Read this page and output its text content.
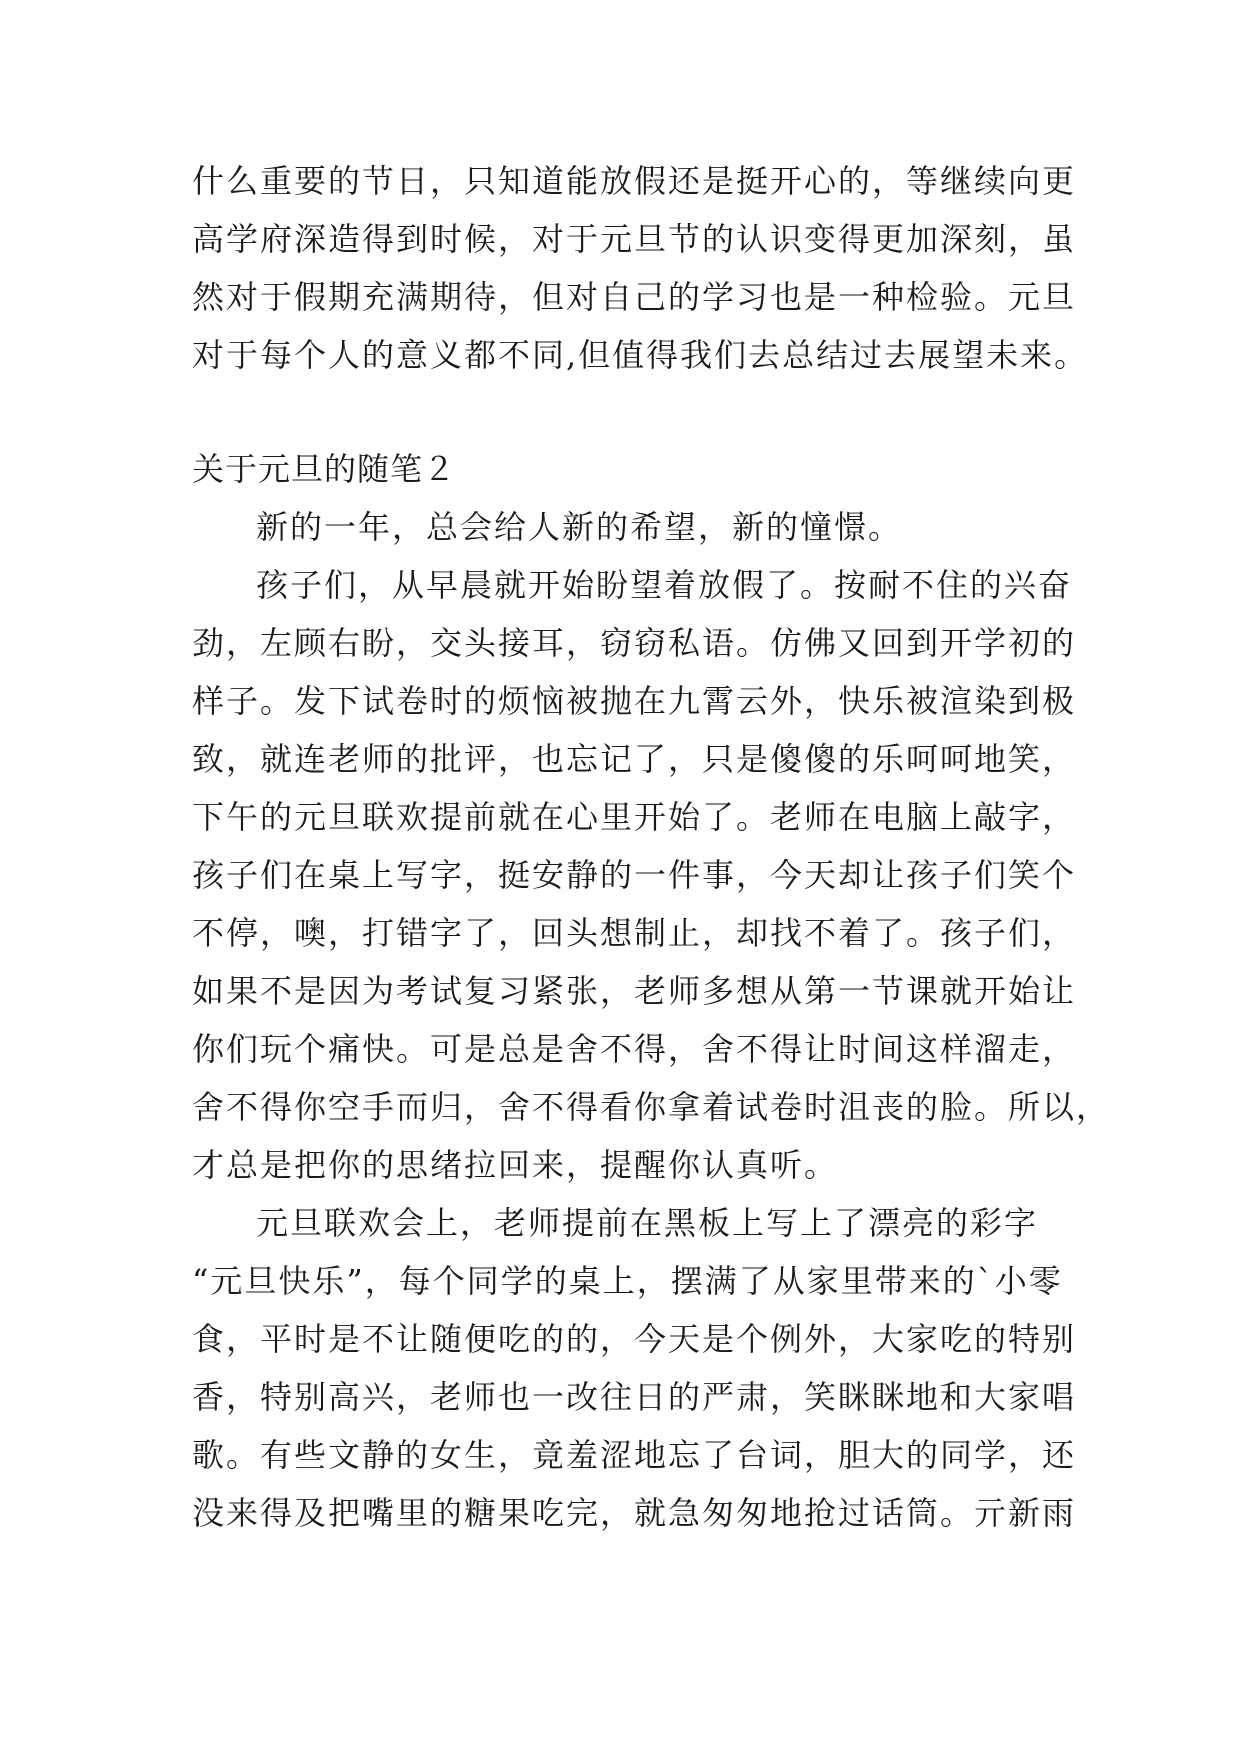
什么重要的节日，只知道能放假还是挺开心的，等继续向更
高学府深造得到时候，对于元旦节的认识变得更加深刻，虽
然对于假期充满期待，但对自己的学习也是一种检验。元旦
对于每个人的意义都不同,但值得我们去总结过去展望未来。
关于元旦的随笔２
新的一年，总会给人新的希望，新的憧憬。
孩子们，从早晨就开始盼望着放假了。按耐不住的兴奋
劲，左顾右盼，交头接耳，窃窃私语。仿佛又回到开学初的
样子。发下试卷时的烦恼被抛在九霄云外，快乐被渲染到极
致，就连老师的批评，也忘记了，只是傻傻的乐呵呵地笑，
下午的元旦联欢提前就在心里开始了。老师在电脑上敲字，
孩子们在桌上写字，挺安静的一件事，今天却让孩子们笑个
不停，噢，打错字了，回头想制止，却找不着了。孩子们，
如果不是因为考试复习紧张，老师多想从第一节课就开始让
你们玩个痛快。可是总是舍不得，舍不得让时间这样溜走，
舍不得你空手而归，舍不得看你拿着试卷时沮丧的脸。所以，
才总是把你的思绪拉回来，提醒你认真听。
元旦联欢会上，老师提前在黑板上写上了漂亮的彩字
“元旦快乐”，每个同学的桌上，摆满了从家里带来的`小零
食，平时是不让随便吃的的，今天是个例外，大家吃的特别
香，特别高兴，老师也一改往日的严肃，笑眯眯地和大家唱
歌。有些文静的女生，竟羞涩地忘了台词，胆大的同学，还
没来得及把嘴里的糖果吃完，就急匆匆地抢过话筒。亓新雨
